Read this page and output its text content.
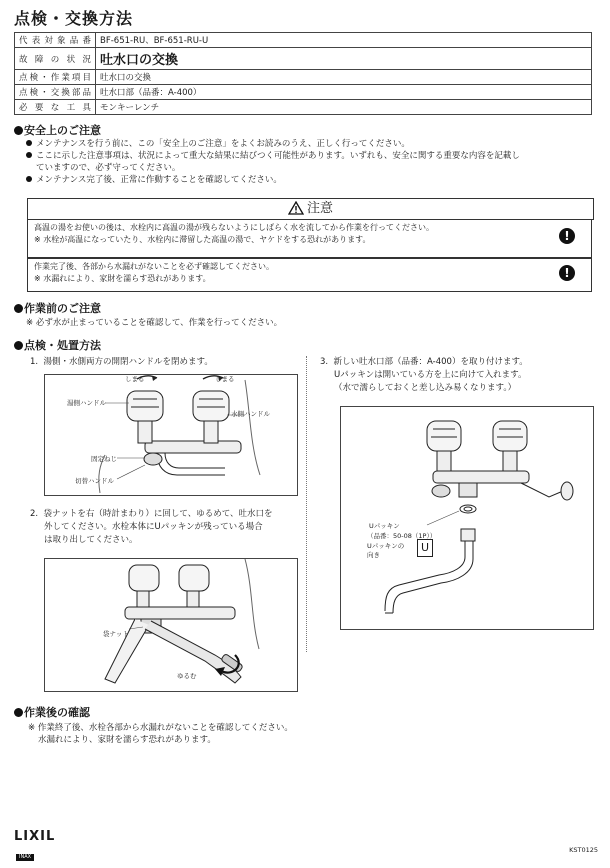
点検・交換方法
代表対象品番	BF-651-RU、BF-651-RU-U
故障の状況	吐水口の交換
点検・作業項目	吐水口の交換
点検・交換部品	吐水口部（品番：A-400）
必要な工具	モンキーレンチ
安全上のご注意
メンテナンスを行う前に、この「安全上のご注意」をよくお読みのうえ、正しく行ってください。
ここに示した注意事項は、状況によって重大な結果に結びつく可能性があります。いずれも、安全に関する重要な内容を記載し
ていますので、必ず守ってください。
メンテナンス完了後、正常に作動することを確認してください。
注意
高温の湯をお使いの後は、水栓内に高温の湯が残らないようにしばらく水を流してから作業を行ってください。
※ 水栓が高温になっていたり、水栓内に滞留した高温の湯で、ヤケドをする恐れがあります。	!
作業完了後、各部から水漏れがないことを必ず確認してください。
※ 水漏れにより、家財を濡らす恐れがあります。	!
作業前のご注意
※ 必ず水が止まっていることを確認して、作業を行ってください。
点検・処置方法
1. 湯側・水側両方の開閉ハンドルを閉めます。
しまる	しまる
湯側ハンドル
水側ハンドル
固定ねじ
切替ハンドル
2. 袋ナットを右（時計まわり）に回して、ゆるめて、吐水口を
外してください。水栓本体にUパッキンが残っている場合
は取り出してください。
袋ナット
ゆるむ
3. 新しい吐水口部（品番：A-400）を取り付けます。
Uパッキンは開いている方を上に向けて入れます。
（水で濡らしておくと差し込み易くなります。）
Uパッキン
（品番：50-08（1P））
Uパッキンの
向き
U
作業後の確認
※ 作業終了後、水栓各部から水漏れがないことを確認してください。
水漏れにより、家財を濡らす恐れがあります。
LIXIL
INAX
KST0125
